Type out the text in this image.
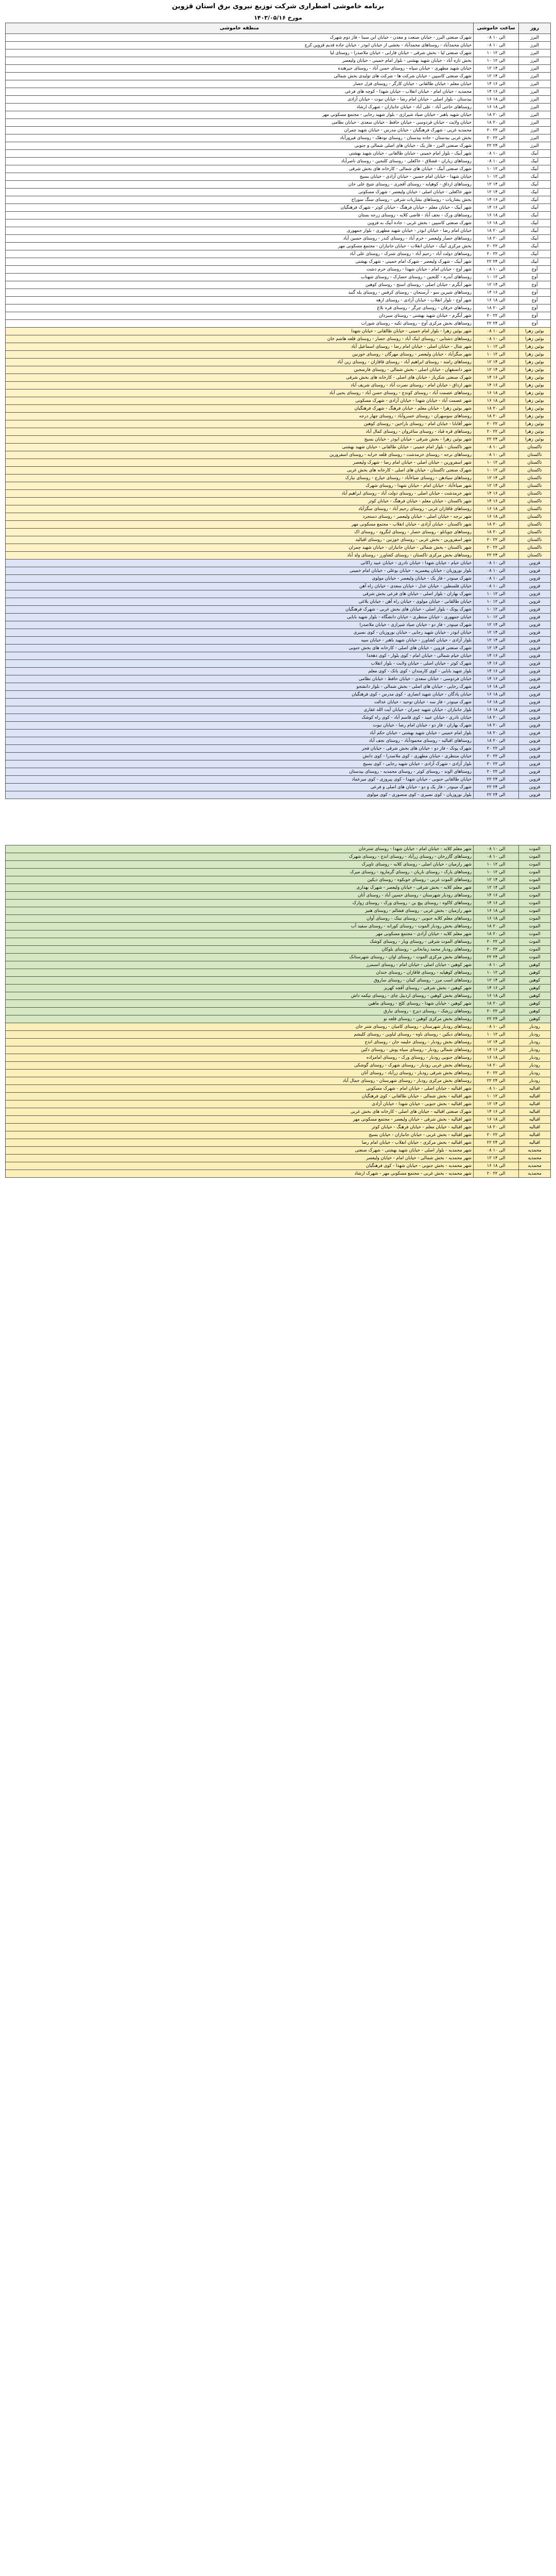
برنامه خاموشی اضطراری شرکت توزیع نیروی برق استان قزوین
مورخ ۱۴۰۳/۰۵/۱۶
روز	ساعت خاموشی	منطقه خاموشی
البرز	۰۸ الی ۱۰	شهرک صنعتی البرز - خیابان صنعت و معدن - خیابان ابن سینا - فاز دوم شهرک
البرز	۰۸ الی ۱۰	خیابان محمدآباد - روستاهای محمدآباد - بخشی از خیابان ابوذر - خیابان جاده قدیم قزوین کرج
البرز	۱۰ الی ۱۲	شهرک صنعتی لیا - بخش شرقی - خیابان فارابی - خیابان ملاصدرا - روستای لیا
البرز	۱۰ الی ۱۲	بخش تازه آباد - خیابان شهید بهشتی - بلوار امام خمینی - خیابان ولیعصر
البرز	۱۲ الی ۱۴	خیابان شهید مطهری - خیابان سپاه - روستای حسن آباد - روستای جیرهنده
البرز	۱۲ الی ۱۴	شهرک صنعتی کاسپین - خیابان شرکت ها - شرکت های تولیدی بخش شمالی
البرز	۱۴ الی ۱۶	خیابان معلم - خیابان طالقانی - خیابان کارگر - روستای قزل حصار
البرز	۱۴ الی ۱۶	محمدیه - خیابان امام - خیابان انقلاب - خیابان شهدا - کوچه های فرعی
البرز	۱۶ الی ۱۸	بیدستان - بلوار اصلی - خیابان امام رضا - خیابان نبوت - خیابان آزادی
البرز	۱۶ الی ۱۸	روستاهای حاجی آباد - علی آباد - خیابان جانبازان - شهرک ارشاد
البرز	۱۸ الی ۲۰	خیابان شهید باهنر - خیابان صیاد شیرازی - بلوار شهید رجایی - مجتمع مسکونی مهر
البرز	۱۸ الی ۲۰	خیابان ولایت - خیابان فردوسی - خیابان حافظ - خیابان سعدی - خیابان نظامی
البرز	۲۰ الی ۲۲	محمدیه غربی - شهرک فرهنگیان - خیابان مدرس - خیابان شهید چمران
البرز	۲۰ الی ۲۲	بخش غربی بیدستان - جاده بیدستان - روستای نودهک - روستای فیروزآباد
البرز	۲۲ الی ۲۴	شهرک صنعتی البرز - فاز یک - خیابان های اصلی شمالی و جنوبی
آبیک	۰۸ الی ۱۰	شهر آبیک - بلوار امام خمینی - خیابان طالقانی - خیابان شهید بهشتی
آبیک	۰۸ الی ۱۰	روستاهای زیاران - قشلاق - خاکعلی - روستای کلنجین - روستای ناصرآباد
آبیک	۱۰ الی ۱۲	شهرک صنعتی آبیک - خیابان های شمالی - کارخانه های بخش شرقی
آبیک	۱۰ الی ۱۲	خیابان شهدا - خیابان امام حسین - خیابان آزادی - خیابان بسیج
آبیک	۱۲ الی ۱۴	روستاهای ارداق - کوهپایه - روستای آقچری - روستای شیخ علی خان
آبیک	۱۲ الی ۱۴	شهر خاکعلی - خیابان اصلی - خیابان ولیعصر - شهرک مسکونی
آبیک	۱۴ الی ۱۶	بخش بشاریات - روستاهای بشاریات شرقی - روستای سنگ سوراخ
آبیک	۱۴ الی ۱۶	شهر آبیک - خیابان معلم - خیابان فرهنگ - خیابان کوثر - شهرک فرهنگیان
آبیک	۱۶ الی ۱۸	روستاهای ورک - نجف آباد - قاضی کلایه - روستای زرجه بستان
آبیک	۱۶ الی ۱۸	شهرک صنعتی کاسپین - بخش غربی - جاده آبیک به قزوین
آبیک	۱۸ الی ۲۰	خیابان امام رضا - خیابان ابوذر - خیابان شهید مطهری - بلوار جمهوری
آبیک	۱۸ الی ۲۰	روستاهای حصار ولیعصر - خرم آباد - روستای کندر - روستای حسین آباد
آبیک	۲۰ الی ۲۲	بخش مرکزی آبیک - خیابان انقلاب - خیابان جانبازان - مجتمع مسکونی مهر
آبیک	۲۰ الی ۲۲	روستاهای دولت آباد - رحیم آباد - روستای شترک - روستای علی آباد
آبیک	۲۲ الی ۲۴	شهر آبیک - شهرک ولیعصر - شهرک امام خمینی - شهرک بهشتی
آوج	۰۸ الی ۱۰	شهر آوج - خیابان امام - خیابان شهدا - روستای خرم دشت
آوج	۱۰ الی ۱۲	روستاهای آبدره - کلنجین - روستای حصارک - روستای شهناب
آوج	۱۲ الی ۱۴	شهر آبگرم - خیابان اصلی - روستای استج - روستای کوهین
آوج	۱۴ الی ۱۶	روستاهای شیرین سو - آرسنجان - روستای کرفس - روستای یله گنبد
آوج	۱۶ الی ۱۸	شهر آوج - بلوار انقلاب - خیابان آزادی - روستای ارهه
آوج	۱۸ الی ۲۰	روستاهای خرقان - روستای چرگر - روستای قره بلاغ
آوج	۲۰ الی ۲۲	شهر آبگرم - خیابان شهید بهشتی - روستای سیردان
آوج	۲۲ الی ۲۴	روستاهای بخش مرکزی آوج - روستای تکیه - روستای شوراب
بوئین زهرا	۰۸ الی ۱۰	شهر بوئین زهرا - بلوار امام خمینی - خیابان طالقانی - خیابان شهدا
بوئین زهرا	۰۸ الی ۱۰	روستاهای دشتابی - روستای ایبک آباد - روستای حصار - روستای قلعه هاشم خان
بوئین زهرا	۱۰ الی ۱۲	شهر شال - خیابان اصلی - خیابان امام رضا - روستای اسماعیل آباد
بوئین زهرا	۱۰ الی ۱۲	شهر سگزآباد - خیابان ولیعصر - روستای مهرگان - روستای خوزنین
بوئین زهرا	۱۲ الی ۱۴	روستاهای رامند - روستای ابراهیم آباد - روستای قاقازان - روستای زین آباد
بوئین زهرا	۱۲ الی ۱۴	شهر دانسفهان - خیابان اصلی - بخش شمالی - روستای فارسجین
بوئین زهرا	۱۴ الی ۱۶	شهرک صنعتی شکریاز - خیابان های اصلی - کارخانه های بخش شرقی
بوئین زهرا	۱۴ الی ۱۶	شهر ارداق - خیابان امام - روستای نصرت آباد - روستای شریف آباد
بوئین زهرا	۱۶ الی ۱۸	روستاهای عصمت آباد - روستای کوندج - روستای حسن آباد - روستای یحیی آباد
بوئین زهرا	۱۶ الی ۱۸	شهر عصمت آباد - خیابان شهدا - خیابان آزادی - شهرک مسکونی
بوئین زهرا	۱۸ الی ۲۰	شهر بوئین زهرا - خیابان معلم - خیابان فرهنگ - شهرک فرهنگیان
بوئین زهرا	۱۸ الی ۲۰	روستاهای سوسهران - روستای خسروآباد - روستای چهار درجه
بوئین زهرا	۲۰ الی ۲۲	شهر آقابابا - خیابان امام - روستای باراجین - روستای کوهین
بوئین زهرا	۲۰ الی ۲۲	روستاهای قره قباد - روستای ساغروان - روستای کمال آباد
بوئین زهرا	۲۲ الی ۲۴	شهر بوئین زهرا - بخش شرقی - خیابان ابوذر - خیابان بسیج
تاکستان	۰۸ الی ۱۰	شهر تاکستان - بلوار امام خمینی - خیابان طالقانی - خیابان شهید بهشتی
تاکستان	۰۸ الی ۱۰	روستاهای نرجه - روستای خرمدشت - روستای قلعه خرابه - روستای اسفرورین
تاکستان	۱۰ الی ۱۲	شهر اسفرورین - خیابان اصلی - خیابان امام رضا - شهرک ولیعصر
تاکستان	۱۰ الی ۱۲	شهرک صنعتی تاکستان - خیابان های اصلی - کارخانه های بخش غربی
تاکستان	۱۲ الی ۱۴	روستاهای سیادهن - روستای ضیاءآباد - روستای خیارج - روستای نیارک
تاکستان	۱۲ الی ۱۴	شهر ضیاءآباد - خیابان امام - خیابان شهدا - روستای شهرک
تاکستان	۱۴ الی ۱۶	شهر خرمدشت - خیابان اصلی - روستای دولت آباد - روستای ابراهیم آباد
تاکستان	۱۴ الی ۱۶	شهر تاکستان - خیابان معلم - خیابان فرهنگ - خیابان کوثر
تاکستان	۱۶ الی ۱۸	روستاهای قاقازان غربی - روستای رحیم آباد - روستای سگزآباد
تاکستان	۱۶ الی ۱۸	شهر نرجه - خیابان اصلی - خیابان ولیعصر - روستای دستجرد
تاکستان	۱۸ الی ۲۰	شهر تاکستان - خیابان آزادی - خیابان انقلاب - مجتمع مسکونی مهر
تاکستان	۱۸ الی ۲۰	روستاهای چوپانلو - روستای حصار - روستای لنگرود - روستای اک
تاکستان	۲۰ الی ۲۲	شهر اسفرورین - بخش غربی - روستای خوزنین - روستای اقبالیه
تاکستان	۲۰ الی ۲۲	شهر تاکستان - بخش شمالی - خیابان جانبازان - خیابان شهید چمران
تاکستان	۲۲ الی ۲۴	روستاهای بخش مرکزی تاکستان - روستای کشاورز - روستای ولد آباد
قزوین	۰۸ الی ۱۰	خیابان خیام - خیابان شهدا - خیابان نادری - خیابان عبید زاکانی
قزوین	۰۸ الی ۱۰	بلوار نوروزیان - خیابان پیغمبریه - خیابان بوعلی - خیابان امام خمینی
قزوین	۰۸ الی ۱۰	شهرک مینودر - فاز یک - خیابان ولیعصر - خیابان مولوی
قزوین	۰۸ الی ۱۰	خیابان فلسطین - خیابان عدل - خیابان سعدی - خیابان راه آهن
قزوین	۱۰ الی ۱۲	شهرک بهاران - بلوار اصلی - خیابان های فرعی بخش شرقی
قزوین	۱۰ الی ۱۲	خیابان طالقانی - خیابان مولوی - خیابان راه آهن - خیابان بلاغی
قزوین	۱۰ الی ۱۲	شهرک پونک - بلوار اصلی - خیابان های بخش غربی - شهرک فرهنگیان
قزوین	۱۰ الی ۱۲	خیابان جمهوری - خیابان منتظری - خیابان دانشگاه - بلوار شهید بابایی
قزوین	۱۲ الی ۱۴	شهرک مینودر - فاز دو - خیابان صیاد شیرازی - خیابان ملاصدرا
قزوین	۱۲ الی ۱۴	خیابان ابوذر - خیابان شهید رجایی - خیابان نوروزیان - کوی نصیری
قزوین	۱۲ الی ۱۴	بلوار آزادی - خیابان کشاورز - خیابان شهید باهنر - خیابان سپه
قزوین	۱۲ الی ۱۴	شهرک صنعتی قزوین - خیابان های اصلی - کارخانه های بخش جنوبی
قزوین	۱۴ الی ۱۶	خیابان خیام شمالی - خیابان امام - کوی بلوار - کوی دهخدا
قزوین	۱۴ الی ۱۶	شهرک کوثر - خیابان اصلی - خیابان ولایت - بلوار انقلاب
قزوین	۱۴ الی ۱۶	بلوار شهید بابایی - کوی کارمندان - کوی بانک - کوی معلم
قزوین	۱۴ الی ۱۶	خیابان فردوسی - خیابان سعدی - خیابان حافظ - خیابان نظامی
قزوین	۱۶ الی ۱۸	شهرک رجایی - خیابان های اصلی - بخش شمالی - بلوار دانشجو
قزوین	۱۶ الی ۱۸	خیابان پادگان - خیابان شهید انصاری - کوی مدرس - کوی فرهنگیان
قزوین	۱۶ الی ۱۸	شهرک مینودر - فاز سه - خیابان توحید - خیابان عدالت
قزوین	۱۶ الی ۱۸	بلوار جانبازان - خیابان شهید چمران - خیابان آیت الله غفاری
قزوین	۱۸ الی ۲۰	خیابان نادری - خیابان عبید - کوی قاسم آباد - کوی راه کوشک
قزوین	۱۸ الی ۲۰	شهرک بهاران - فاز دو - خیابان امام رضا - خیابان نبوت
قزوین	۱۸ الی ۲۰	بلوار امام خمینی - خیابان شهید بهشتی - خیابان حکم آباد
قزوین	۱۸ الی ۲۰	روستاهای اقبالیه - روستای محمودآباد - روستای نجف آباد
قزوین	۲۰ الی ۲۲	شهرک پونک - فاز دو - خیابان های بخش شرقی - خیابان فجر
قزوین	۲۰ الی ۲۲	خیابان منتظری - خیابان مطهری - کوی ملاصدرا - کوی دانش
قزوین	۲۰ الی ۲۲	بلوار آزادی - شهرک آزادی - خیابان شهید رجایی - کوی بسیج
قزوین	۲۰ الی ۲۲	روستاهای الوند - روستای کوثر - روستای محمدیه - روستای بیدستان
قزوین	۲۲ الی ۲۴	خیابان طالقانی جنوبی - خیابان شهدا - کوی پیروزی - کوی میرعماد
قزوین	۲۲ الی ۲۴	شهرک مینودر - فاز یک و دو - خیابان های اصلی و فرعی
قزوین	۲۲ الی ۲۴	بلوار نوروزیان - کوی نصیری - کوی منصوری - کوی مولوی

الموت	۰۸ الی ۱۰	شهر معلم کلایه - خیابان امام - خیابان شهدا - روستای شترخان
الموت	۰۸ الی ۱۰	روستاهای گازرخان - روستای زرآباد - روستای اندج - روستای شهرک
الموت	۱۰ الی ۱۲	شهر رازمیان - خیابان اصلی - روستای کلایه - روستای تاویرک
الموت	۱۰ الی ۱۲	روستاهای یارک - روستای ناریان - روستای گرمارود - روستای میرک
الموت	۱۲ الی ۱۴	روستاهای الموت غربی - روستای خوبکوه - روستای دیکین
الموت	۱۲ الی ۱۴	شهر معلم کلایه - بخش شرقی - خیابان ولیعصر - شهرک بهداری
الموت	۱۴ الی ۱۶	روستاهای رودبار شهرستان - روستای حسین آباد - روستای آتان
الموت	۱۴ الی ۱۶	روستاهای کاکوه - روستای پیچ بن - روستای ورک - روستای زوارک
الموت	۱۶ الی ۱۸	شهر رازمیان - بخش غربی - روستای فشالم - روستای هنیز
الموت	۱۶ الی ۱۸	روستاهای معلم کلایه جنوبی - روستای تیتک - روستای آوان
الموت	۱۸ الی ۲۰	روستاهای بخش رودبار الموت - روستای کورانه - روستای سفید آب
الموت	۱۸ الی ۲۰	شهر معلم کلایه - خیابان آزادی - مجتمع مسکونی مهر
الموت	۲۰ الی ۲۲	روستاهای الموت شرقی - روستای ویار - روستای کوشک
الموت	۲۰ الی ۲۲	روستاهای رودبار محمد زمانخانی - روستای بلوکان
الموت	۲۲ الی ۲۴	روستاهای بخش مرکزی الموت - روستای اوان - روستای شهرستانک
کوهین	۰۸ الی ۱۰	شهر کوهین - خیابان اصلی - خیابان امام - روستای اسبمرز
کوهین	۱۰ الی ۱۲	روستاهای کوهپایه - روستای قاقازان - روستای خندان
کوهین	۱۲ الی ۱۴	روستاهای اسب مرز - روستای کینان - روستای ساروق
کوهین	۱۴ الی ۱۶	شهر کوهین - بخش شرقی - روستای آقچه کهریز
کوهین	۱۶ الی ۱۸	روستاهای بخش کوهین - روستای اردبیل چای - روستای تیکمه داش
کوهین	۱۸ الی ۲۰	شهر کوهین - خیابان شهدا - روستای کلج - روستای ماهین
کوهین	۲۰ الی ۲۲	روستاهای زرشک - روستای دیزج - روستای نیارق
کوهین	۲۲ الی ۲۴	روستاهای بخش مرکزی کوهین - روستای قلعه نو
رودبار	۰۸ الی ۱۰	روستاهای رودبار شهرستان - روستای کامیان - روستای شتر خان
رودبار	۱۰ الی ۱۲	روستاهای دیکین - روستای ناوه - روستای لیاوین - روستای کلیشم
رودبار	۱۲ الی ۱۴	روستاهای بخش رودبار - روستای حلیمه جان - روستای انذج
رودبار	۱۴ الی ۱۶	روستاهای شمالی رودبار - روستای سیاه پوش - روستای دکین
رودبار	۱۶ الی ۱۸	روستاهای جنوبی رودبار - روستای ورک - روستای امامزاده
رودبار	۱۸ الی ۲۰	روستاهای بخش غربی رودبار - روستای شهرک - روستای گوشکی
رودبار	۲۰ الی ۲۲	روستاهای بخش شرقی رودبار - روستای زرآباد - روستای آتان
رودبار	۲۲ الی ۲۴	روستاهای بخش مرکزی رودبار - روستای شهرستان - روستای جمال آباد
اقبالیه	۰۸ الی ۱۰	شهر اقبالیه - خیابان اصلی - خیابان امام - شهرک مسکونی
اقبالیه	۱۰ الی ۱۲	شهر اقبالیه - بخش شمالی - خیابان طالقانی - کوی فرهنگیان
اقبالیه	۱۲ الی ۱۴	شهر اقبالیه - بخش جنوبی - خیابان شهدا - خیابان آزادی
اقبالیه	۱۴ الی ۱۶	شهرک صنعتی اقبالیه - خیابان های اصلی - کارخانه های بخش غربی
اقبالیه	۱۶ الی ۱۸	شهر اقبالیه - بخش شرقی - خیابان ولیعصر - مجتمع مسکونی مهر
اقبالیه	۱۸ الی ۲۰	شهر اقبالیه - خیابان معلم - خیابان فرهنگ - خیابان کوثر
اقبالیه	۲۰ الی ۲۲	شهر اقبالیه - بخش غربی - خیابان جانبازان - خیابان بسیج
اقبالیه	۲۲ الی ۲۴	شهر اقبالیه - بخش مرکزی - خیابان انقلاب - خیابان امام رضا
محمدیه	۰۸ الی ۱۰	شهر محمدیه - بلوار اصلی - خیابان شهید بهشتی - شهرک صنعتی
محمدیه	۱۲ الی ۱۴	شهر محمدیه - بخش شمالی - خیابان امام - خیابان ولیعصر
محمدیه	۱۶ الی ۱۸	شهر محمدیه - بخش جنوبی - خیابان شهدا - کوی فرهنگیان
محمدیه	۲۰ الی ۲۲	شهر محمدیه - بخش غربی - مجتمع مسکونی مهر - شهرک ارشاد
